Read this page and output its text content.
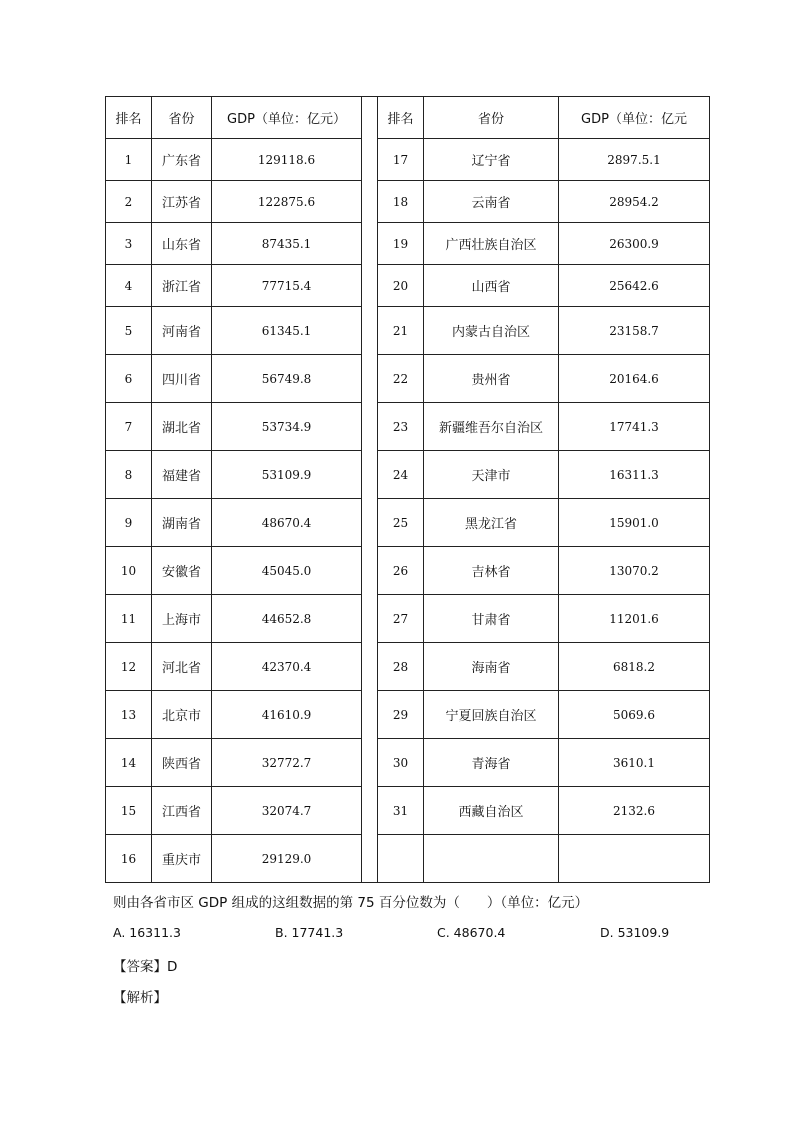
排名	省份	GDP（单位：亿元）		排名	省份	GDP（单位：亿元
1	广东省	129118.6		17	辽宁省	2897.5.1
2	江苏省	122875.6		18	云南省	28954.2
3	山东省	87435.1		19	广西壮族自治区	26300.9
4	浙江省	77715.4		20	山西省	25642.6
5	河南省	61345.1		21	内蒙古自治区	23158.7
6	四川省	56749.8		22	贵州省	20164.6
7	湖北省	53734.9		23	新疆维吾尔自治区	17741.3
8	福建省	53109.9		24	天津市	16311.3
9	湖南省	48670.4		25	黑龙江省	15901.0
10	安徽省	45045.0		26	吉林省	13070.2
11	上海市	44652.8		27	甘肃省	11201.6
12	河北省	42370.4		28	海南省	6818.2
13	北京市	41610.9		29	宁夏回族自治区	5069.6
14	陕西省	32772.7		30	青海省	3610.1
15	江西省	32074.7		31	西藏自治区	2132.6
16	重庆市	29129.0				
则由各省市区 GDP 组成的这组数据的第 75 百分位数为（　　）（单位：亿元）
A. 16311.3	B. 17741.3	C. 48670.4	D. 53109.9
【答案】D
【解析】
